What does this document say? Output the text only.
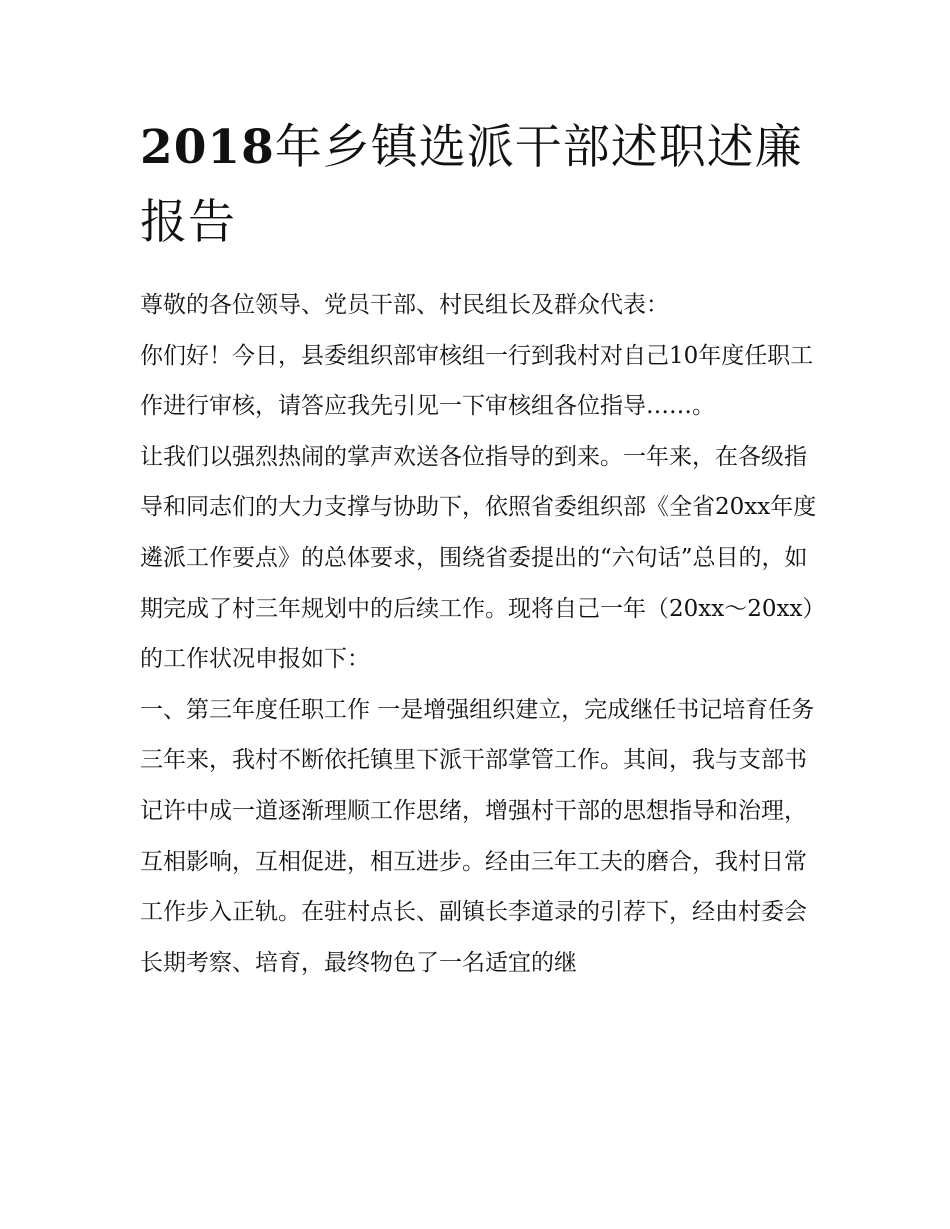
2018年乡镇选派干部述职述廉
报告

尊敬的各位领导、党员干部、村民组长及群众代表：

你们好！今日，县委组织部审核组一行到我村对自己10年度任职工作进行审核，请答应我先引见一下审核组各位指导……。

让我们以强烈热闹的掌声欢送各位指导的到来。一年来，在各级指导和同志们的大力支撑与协助下，依照省委组织部《全省20xx年度遴派工作要点》的总体要求，围绕省委提出的“六句话”总目的，如期完成了村三年规划中的后续工作。现将自己一年（20xx～20xx）的工作状况申报如下：

一、第三年度任职工作 一是增强组织建立，完成继任书记培育任务

三年来，我村不断依托镇里下派干部掌管工作。其间，我与支部书记许中成一道逐渐理顺工作思绪，增强村干部的思想指导和治理，互相影响，互相促进，相互进步。经由三年工夫的磨合，我村日常工作步入正轨。在驻村点长、副镇长李道录的引荐下，经由村委会长期考察、培育，最终物色了一名适宜的继
